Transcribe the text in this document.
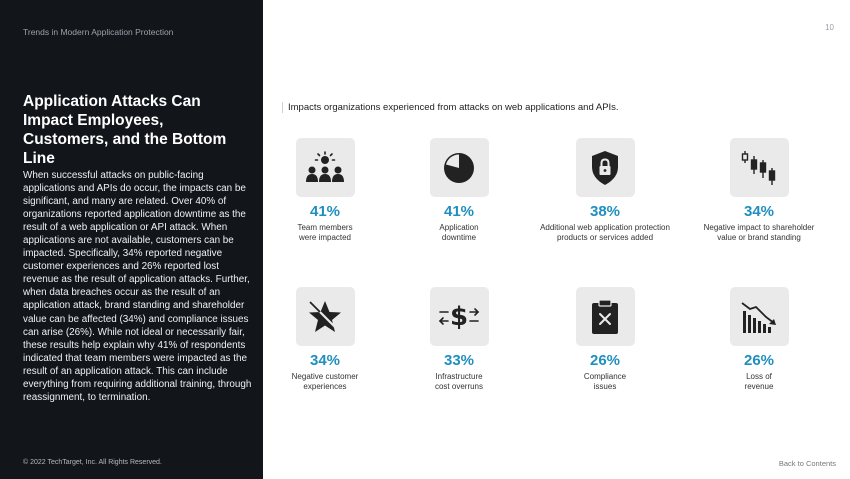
Trends in Modern Application Protection
Application Attacks Can Impact Employees, Customers, and the Bottom Line
When successful attacks on public-facing applications and APIs do occur, the impacts can be significant, and many are related. Over 40% of organizations reported application downtime as the result of a web application or API attack. When applications are not available, customers can be impacted. Specifically, 34% reported negative customer experiences and 26% reported lost revenue as the result of application attacks. Further, when data breaches occur as the result of an application attack, brand standing and shareholder value can be affected (34%) and compliance issues can arise (26%). While not ideal or necessarily fair, these results help explain why 41% of respondents indicated that team members were impacted as the result of an application attack. This can include everything from requiring additional training, through reassignment, to termination.
© 2022 TechTarget, Inc. All Rights Reserved.
10
Impacts organizations experienced from attacks on web applications and APIs.
41%
Team members
were impacted
41%
Application
downtime
38%
Additional web application protection
products or services added
34%
Negative impact to shareholder
value or brand standing
34%
Negative customer
experiences
$
33%
Infrastructure
cost overruns
26%
Compliance
issues
26%
Loss of
revenue
Back to Contents
